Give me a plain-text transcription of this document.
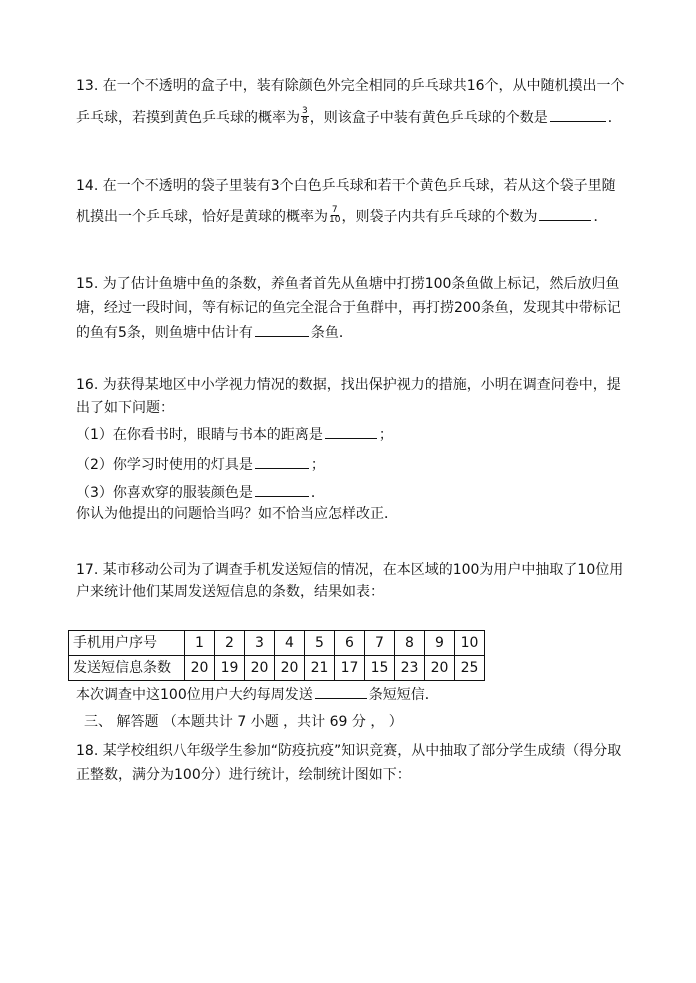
13. 在一个不透明的盒子中，装有除颜色外完全相同的乒乓球共16个，从中随机摸出一个
乒乓球，若摸到黄色乒乓球的概率为 $\frac{3}{8}$ ，则该盒子中装有黄色乒乓球的个数是	．
14. 在一个不透明的袋子里装有3个白色乒乓球和若干个黄色乒乓球，若从这个袋子里随
机摸出一个乒乓球，恰好是黄球的概率为 $\frac{7}{10}$ ，则袋子内共有乒乓球的个数为	．
15. 为了估计鱼塘中鱼的条数，养鱼者首先从鱼塘中打捞100条鱼做上标记，然后放归鱼
塘，经过一段时间，等有标记的鱼完全混合于鱼群中，再打捞200条鱼，发现其中带标记
的鱼有5条，则鱼塘中估计有	条鱼．
16. 为获得某地区中小学视力情况的数据，找出保护视力的措施，小明在调查问卷中，提
出了如下问题：
（1）在你看书时，眼睛与书本的距离是	；
（2）你学习时使用的灯具是	；
（3）你喜欢穿的服装颜色是	．
你认为他提出的问题恰当吗？如不恰当应怎样改正．
17. 某市移动公司为了调查手机发送短信的情况，在本区域的100为用户中抽取了10位用
户来统计他们某周发送短信息的条数，结果如表：
手机用户序号	1	2	3	4	5	6	7	8	9	10
发送短信息条数	20	19	20	20	21	17	15	23	20	25
本次调查中这100位用户大约每周发送	条短短信．
三、 解答题 （本题共计 7 小题 ，共计 69 分 ， ）
18. 某学校组织八年级学生参加“防疫抗疫”知识竞赛，从中抽取了部分学生成绩（得分取
正整数，满分为100分）进行统计，绘制统计图如下：
